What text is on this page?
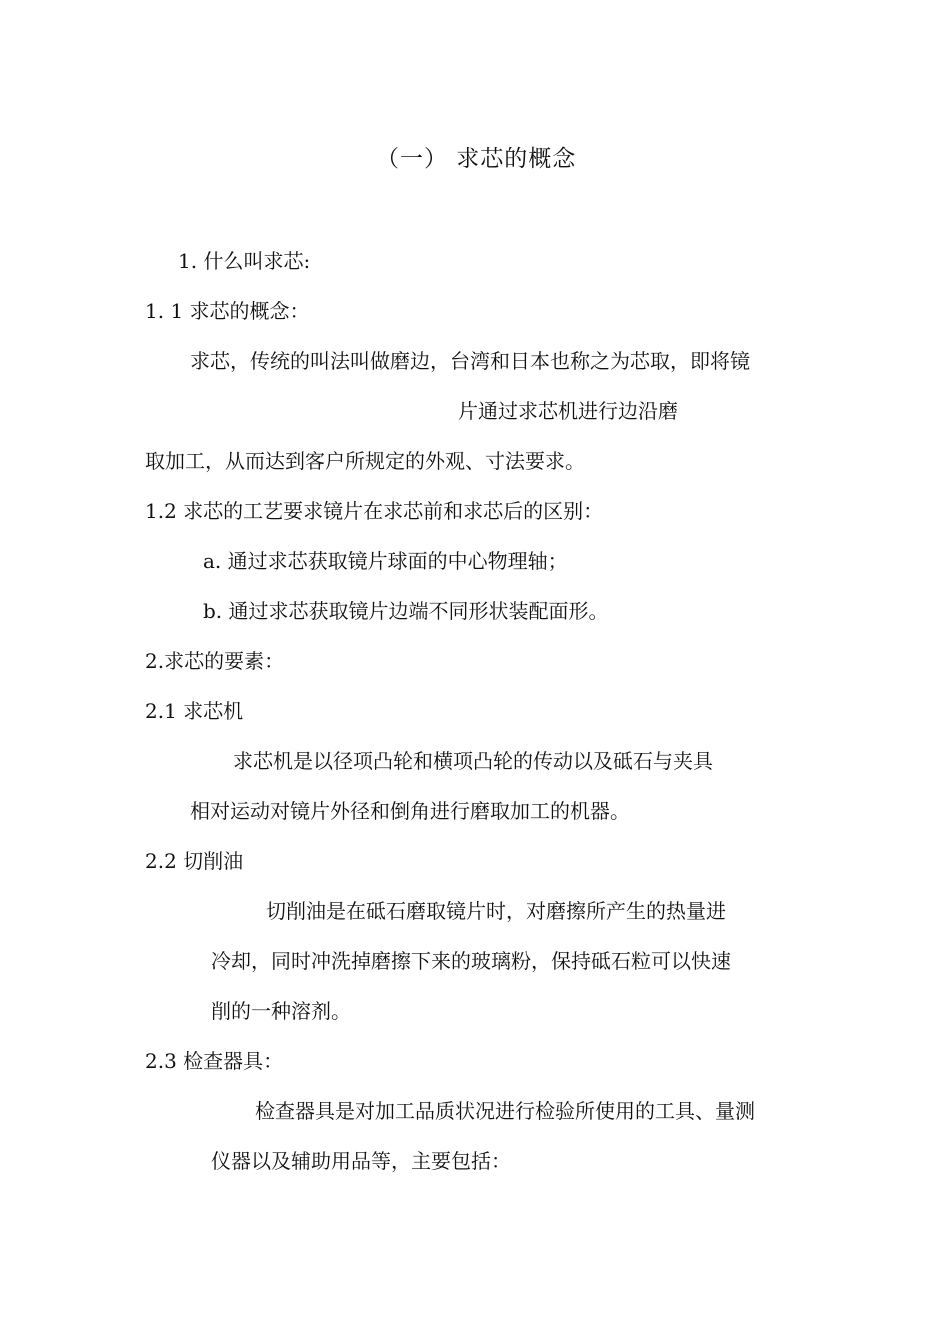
（一） 求芯的概念

1. 什么叫求芯:

1. 1 求芯的概念：

求芯，传统的叫法叫做磨边，台湾和日本也称之为芯取，即将镜

片通过求芯机进行边沿磨

取加工，从而达到客户所规定的外观、寸法要求。

1.2 求芯的工艺要求镜片在求芯前和求芯后的区别：

a. 通过求芯获取镜片球面的中心物理轴；

b. 通过求芯获取镜片边端不同形状装配面形。

2.求芯的要素：

2.1 求芯机

求芯机是以径项凸轮和横项凸轮的传动以及砥石与夹具

相对运动对镜片外径和倒角进行磨取加工的机器。

2.2 切削油

切削油是在砥石磨取镜片时，对磨擦所产生的热量进

冷却，同时冲洗掉磨擦下来的玻璃粉，保持砥石粒可以快速

削的一种溶剂。

2.3 检查器具：

检查器具是对加工品质状况进行检验所使用的工具、量测

仪器以及辅助用品等，主要包括：
